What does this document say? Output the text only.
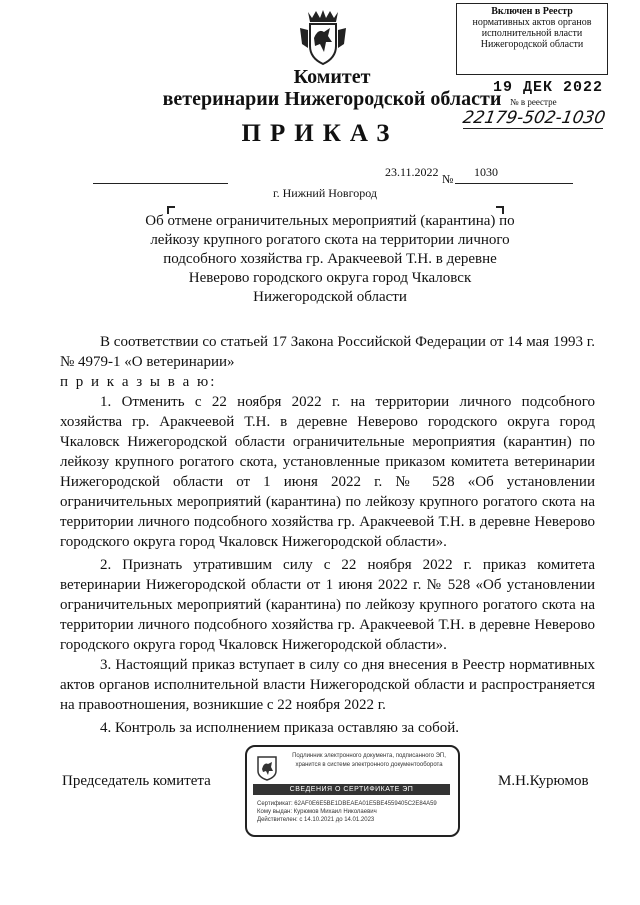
Комитет
ветеринарии Нижегородской области
ПРИКАЗ
Включен в Реестр
нормативных актов органов
исполнительной власти
Нижегородской области
19 ДЕК 2022
№ в реестре
22179-502-1030
23.11.2022 № 1030
г. Нижний Новгород
Об отмене ограничительных мероприятий (карантина) по лейкозу крупного рогатого скота на территории личного подсобного хозяйства гр. Аракчеевой Т.Н. в деревне Неверово городского округа город Чкаловск Нижегородской области
В соответствии со статьей 17 Закона Российской Федерации от 14 мая 1993 г. № 4979-1 «О ветеринарии»
п р и к а з ы в а ю:
1. Отменить с 22 ноября 2022 г. на территории личного подсобного хозяйства гр. Аракчеевой Т.Н. в деревне Неверово городского округа город Чкаловск Нижегородской области ограничительные мероприятия (карантин) по лейкозу крупного рогатого скота, установленные приказом комитета ветеринарии Нижегородской области от 1 июня 2022 г. № 528 «Об установлении ограничительных мероприятий (карантина) по лейкозу крупного рогатого скота на территории личного подсобного хозяйства гр. Аракчеевой Т.Н. в деревне Неверово городского округа город Чкаловск Нижегородской области».
2. Признать утратившим силу с 22 ноября 2022 г. приказ комитета ветеринарии Нижегородской области от 1 июня 2022 г. № 528 «Об установлении ограничительных мероприятий (карантина) по лейкозу крупного рогатого скота на территории личного подсобного хозяйства гр. Аракчеевой Т.Н. в деревне Неверово городского округа город Чкаловск Нижегородской области».
3. Настоящий приказ вступает в силу со дня внесения в Реестр нормативных актов органов исполнительной власти Нижегородской области и распространяется на правоотношения, возникшие с 22 ноября 2022 г.
4. Контроль за исполнением приказа оставляю за собой.
Председатель комитета	М.Н.Курюмов
Подлинник электронного документа, подписанного ЭП, хранится в системе электронного документооборота
СВЕДЕНИЯ О СЕРТИФИКАТЕ ЭП
Сертификат: 62AF0E6E5BE1DBEAEA01E5BE4559405C2E84A59
Кому выдан: Курюмов Михаил Николаевич
Действителен: с 14.10.2021 до 14.01.2023
